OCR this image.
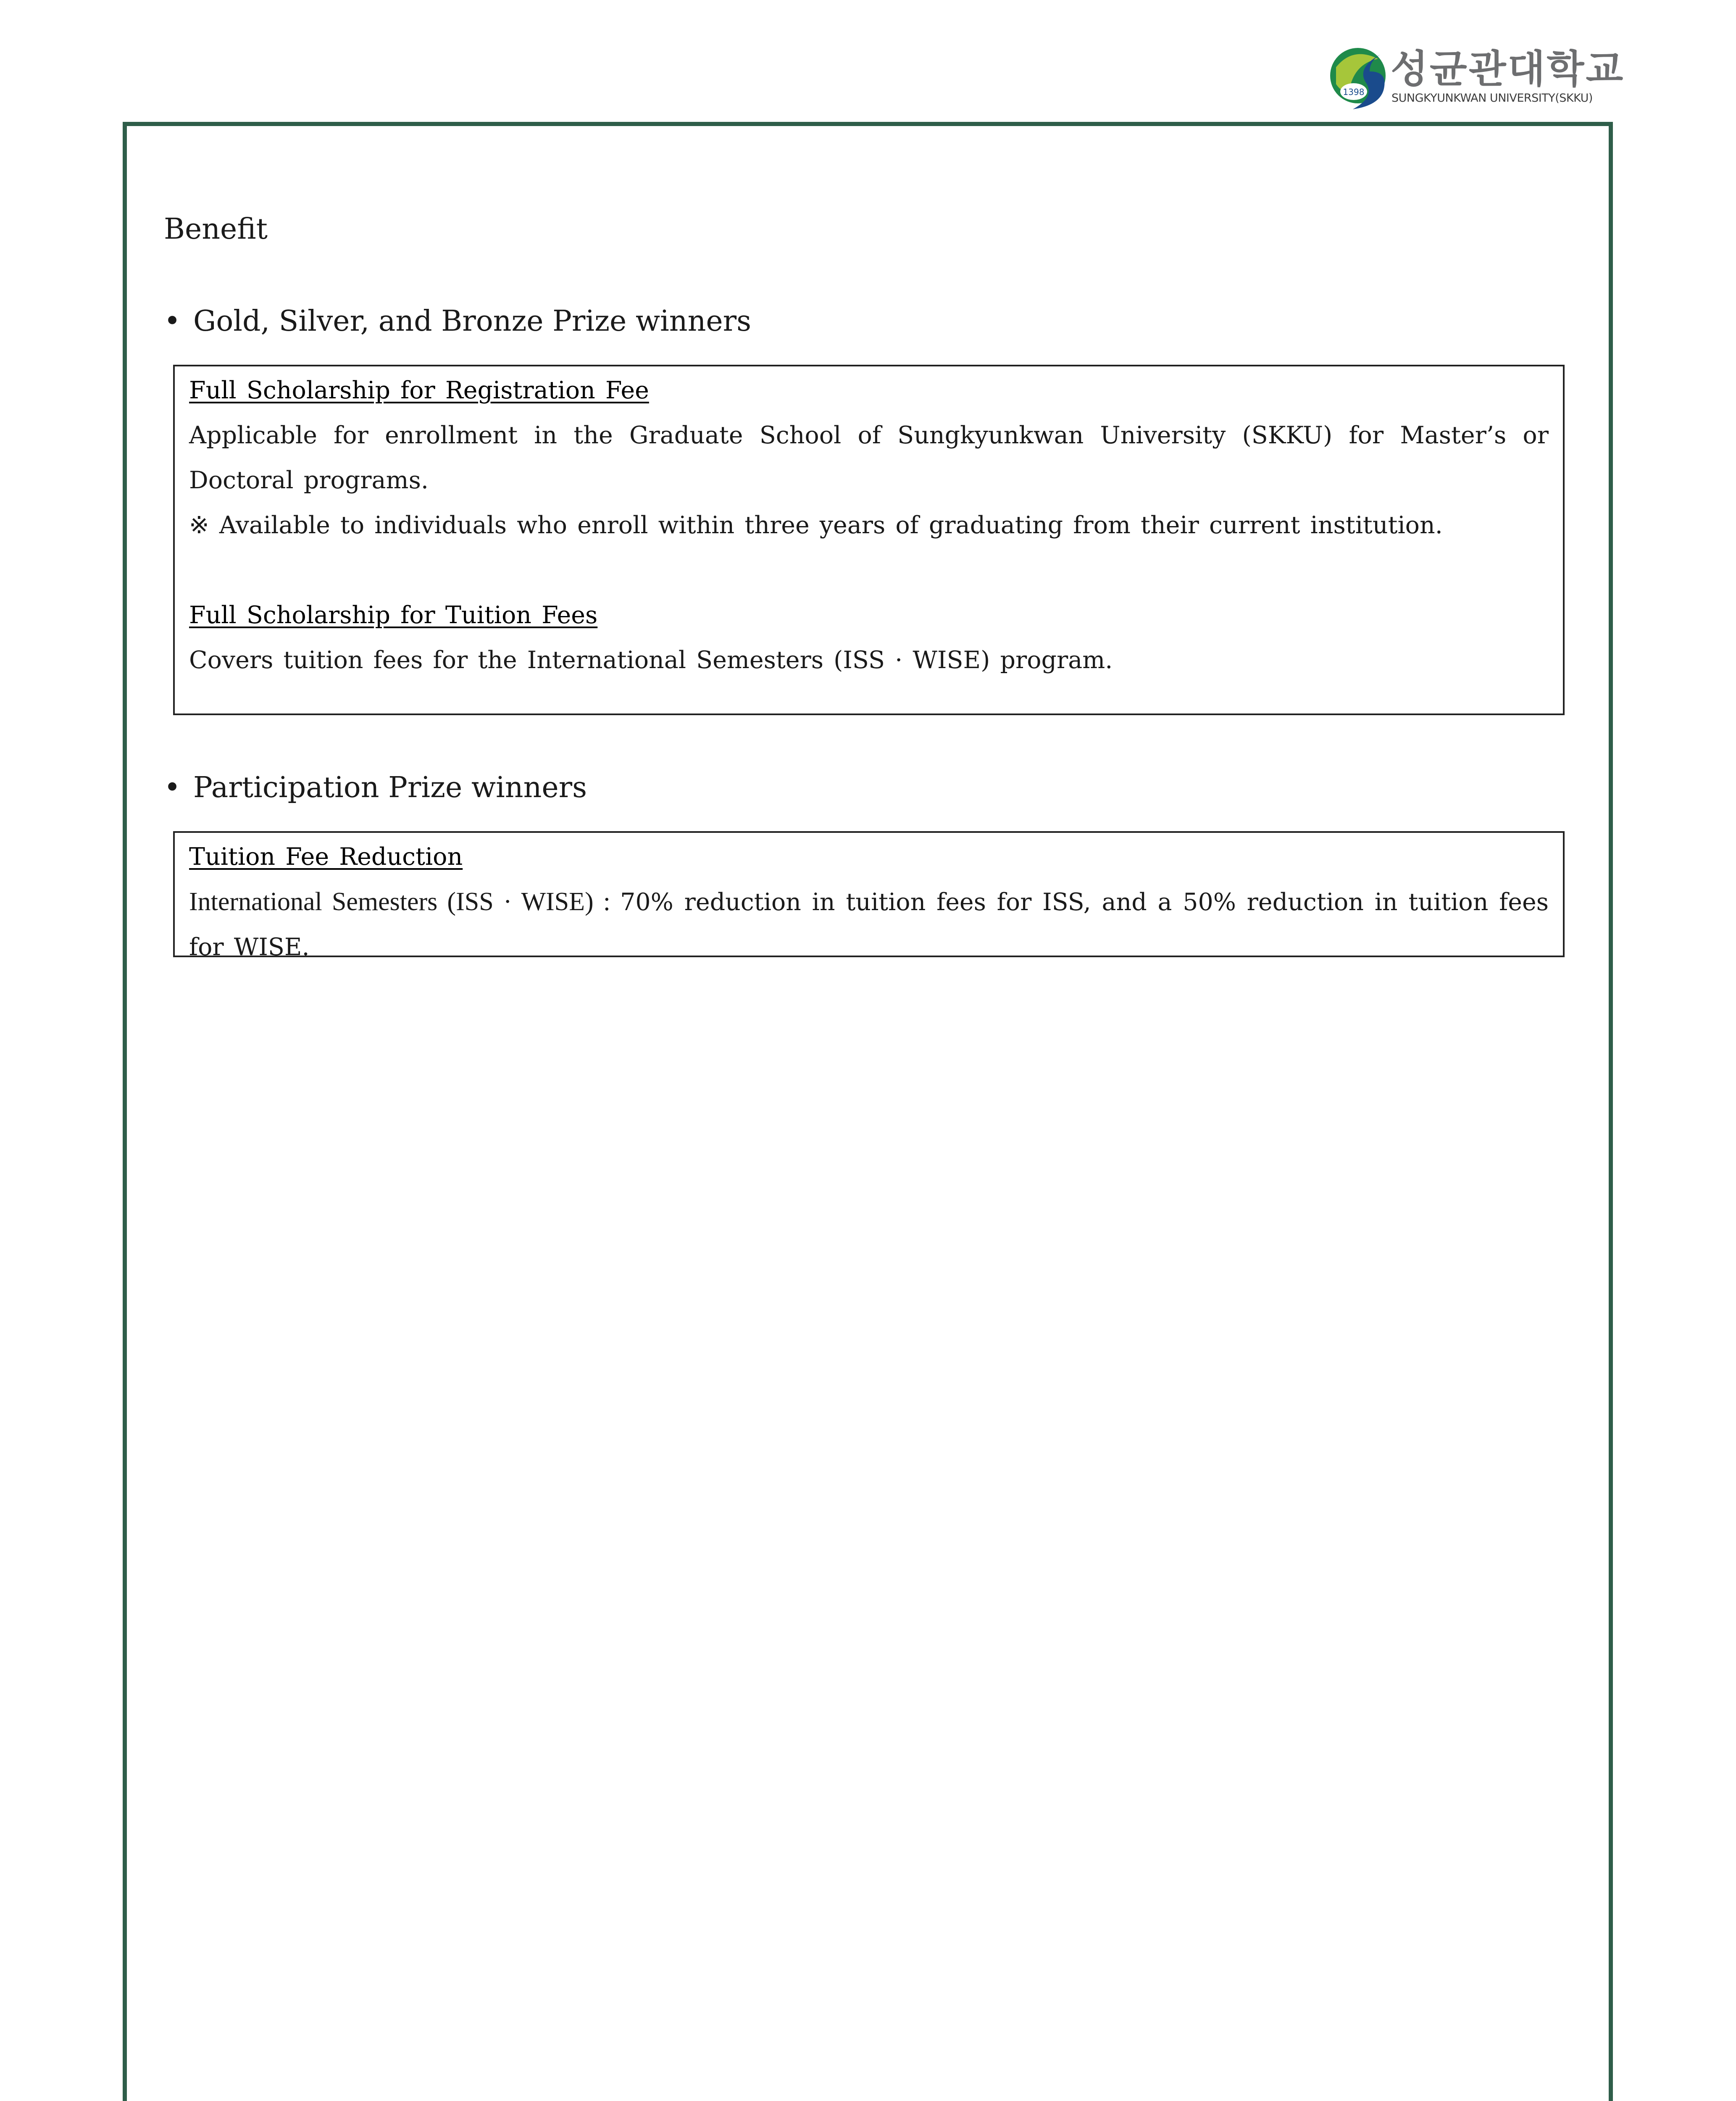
1398
성균관대학교
SUNGKYUNKWAN UNIVERSITY(SKKU)
Benefit
• Gold, Silver, and Bronze Prize winners

Full Scholarship for Registration Fee

Applicable for enrollment in the Graduate School of Sungkyunkwan University (SKKU) for Master’s or Doctoral programs.

※ Available to individuals who enroll within three years of graduating from their current institution.

Full Scholarship for Tuition Fees

Covers tuition fees for the International Semesters (ISS · WISE) program.

• Participation Prize winners

Tuition Fee Reduction

International Semesters (ISS · WISE) : 70% reduction in tuition fees for ISS, and a 50% reduction in tuition fees for WISE.
